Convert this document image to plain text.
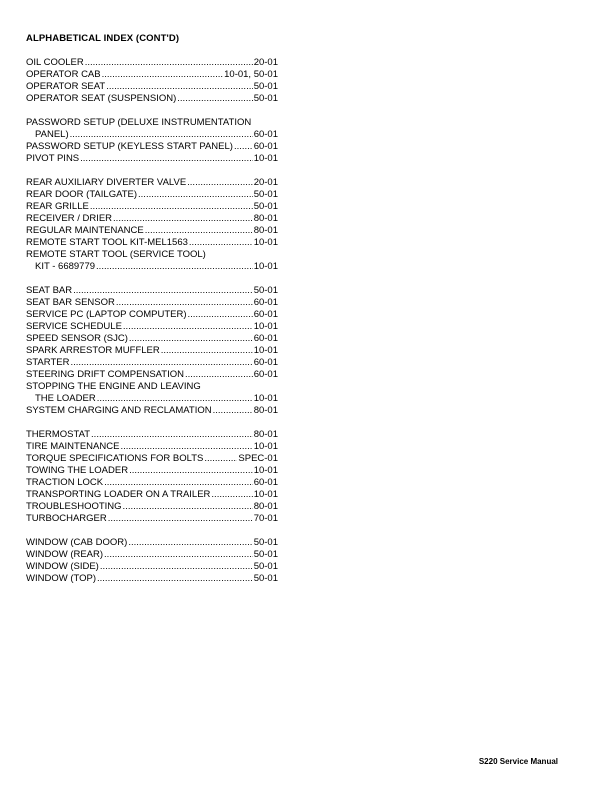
ALPHABETICAL INDEX (CONT'D)
OIL COOLER .....	20-01
OPERATOR CAB .....	10-01, 50-01
OPERATOR SEAT .....	50-01
OPERATOR SEAT (SUSPENSION) .....	50-01
PASSWORD SETUP (DELUXE INSTRUMENTATION
PANEL) .....	60-01
PASSWORD SETUP (KEYLESS START PANEL) ..... 60-01
PIVOT PINS .....	10-01
REAR AUXILIARY DIVERTER VALVE .....	20-01
REAR DOOR (TAILGATE) .....	50-01
REAR GRILLE .....	50-01
RECEIVER / DRIER .....	80-01
REGULAR MAINTENANCE .....	80-01
REMOTE START TOOL KIT-MEL1563 .....	10-01
REMOTE START TOOL (SERVICE TOOL)
KIT - 6689779 .....	10-01
SEAT BAR .....	50-01
SEAT BAR SENSOR .....	60-01
SERVICE PC (LAPTOP COMPUTER) .....	60-01
SERVICE SCHEDULE .....	10-01
SPEED SENSOR (SJC) .....	60-01
SPARK ARRESTOR MUFFLER .....	10-01
STARTER .....	60-01
STEERING DRIFT COMPENSATION .....	60-01
STOPPING THE ENGINE AND LEAVING
THE LOADER .....	10-01
SYSTEM CHARGING AND RECLAMATION .....	80-01
THERMOSTAT .....	80-01
TIRE MAINTENANCE .....	10-01
TORQUE SPECIFICATIONS FOR BOLTS .....	SPEC-01
TOWING THE LOADER .....	10-01
TRACTION LOCK .....	60-01
TRANSPORTING LOADER ON A TRAILER .....	10-01
TROUBLESHOOTING .....	80-01
TURBOCHARGER .....	70-01
WINDOW (CAB DOOR) .....	50-01
WINDOW (REAR) .....	50-01
WINDOW (SIDE) .....	50-01
WINDOW (TOP) .....	50-01
S220 Service Manual
